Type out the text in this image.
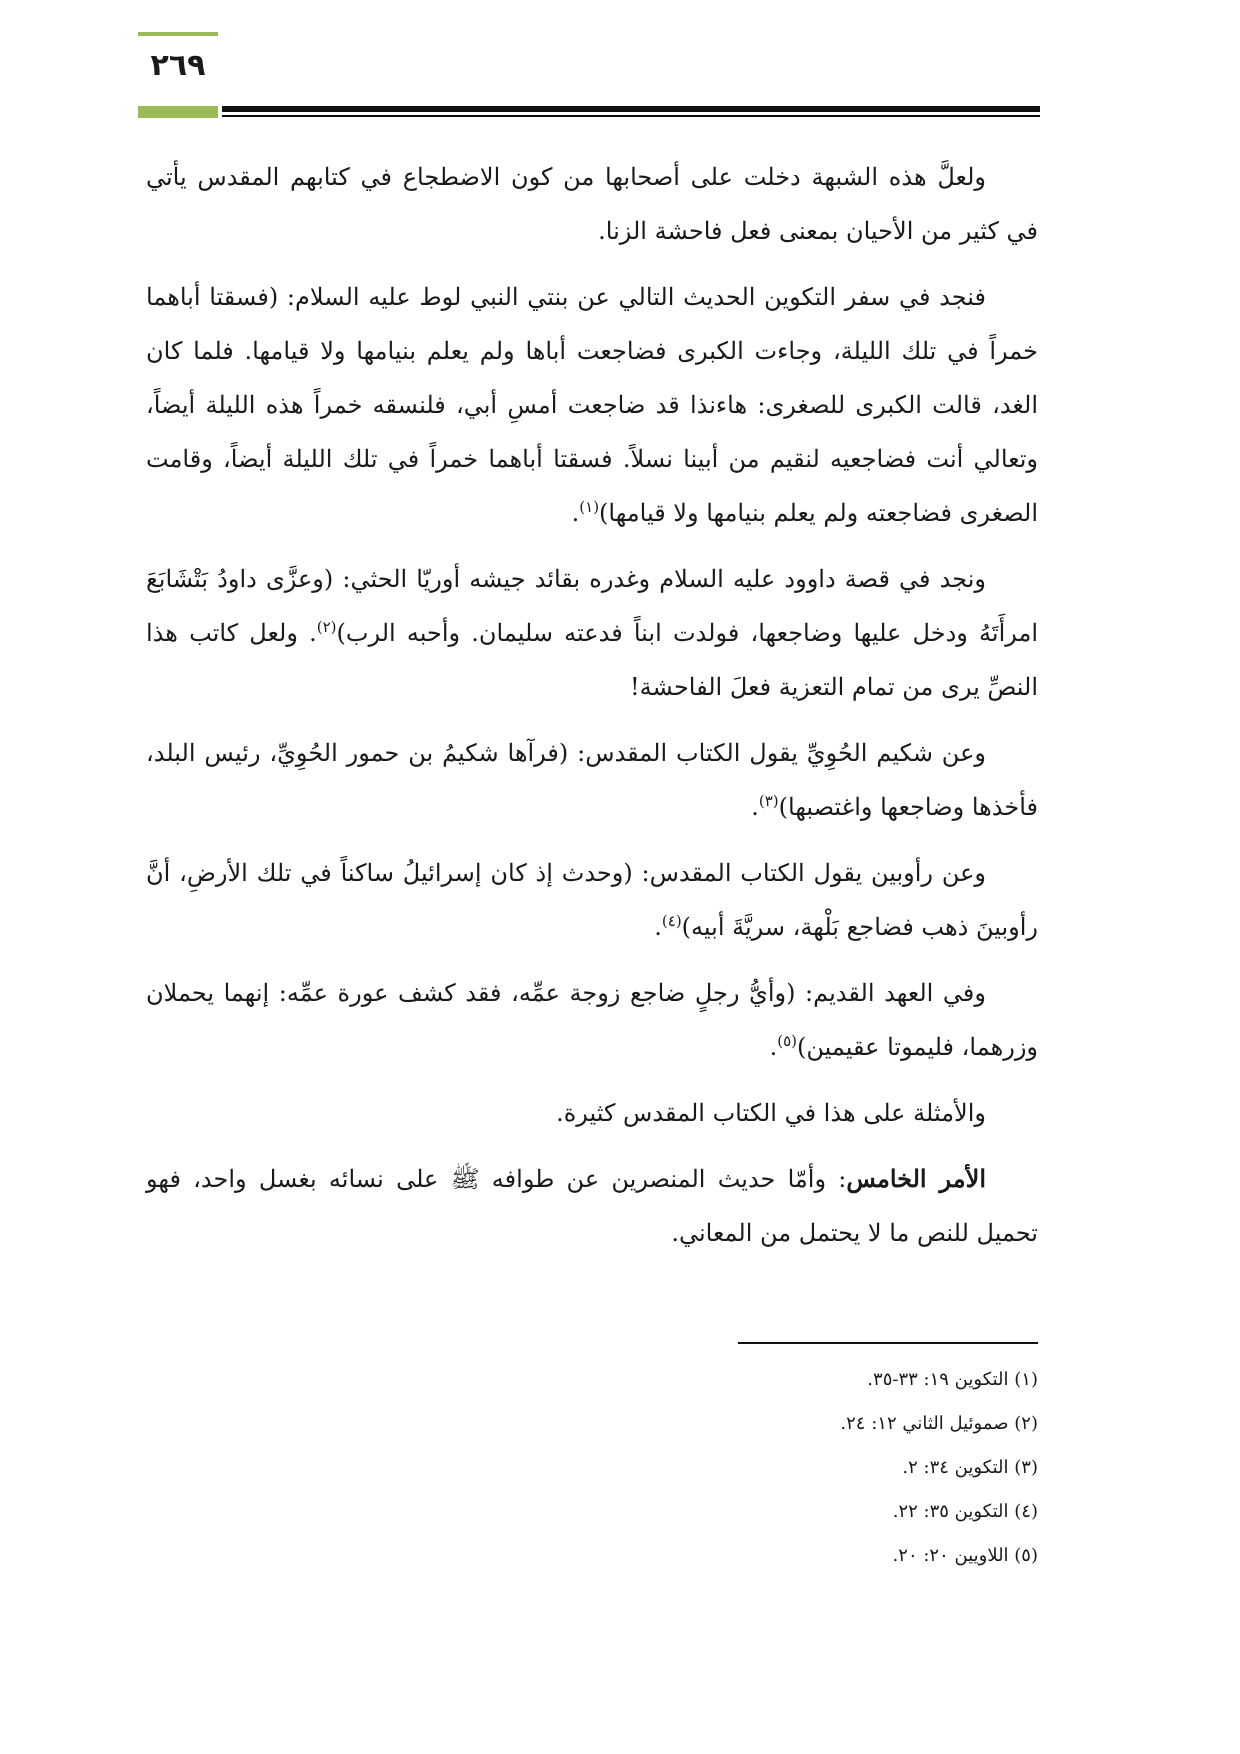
٢٦٩

ولعلَّ هذه الشبهة دخلت على أصحابها من كون الاضطجاع في كتابهم المقدس يأتي في كثير من الأحيان بمعنى فعل فاحشة الزنا.

فنجد في سفر التكوين الحديث التالي عن بنتي النبي لوط عليه السلام: (فسقتا أباهما خمراً في تلك الليلة، وجاءت الكبرى فضاجعت أباها ولم يعلم بنيامها ولا قيامها. فلما كان الغد، قالت الكبرى للصغرى: هاءنذا قد ضاجعت أمسِ أبي، فلنسقه خمراً هذه الليلة أيضاً، وتعالي أنت فضاجعيه لنقيم من أبينا نسلاً. فسقتا أباهما خمراً في تلك الليلة أيضاً، وقامت الصغرى فضاجعته ولم يعلم بنيامها ولا قيامها)$^{(١)}$.

ونجد في قصة داوود عليه السلام وغدره بقائد جيشه أوريّا الحثي: (وعزَّى داودُ بَتْشَابَعَ امرأَتَهُ ودخل عليها وضاجعها، فولدت ابناً فدعته سليمان. وأحبه الرب)$^{(٢)}$. ولعل كاتب هذا النصِّ يرى من تمام التعزية فعلَ الفاحشة!

وعن شكيم الحُوِيِّ يقول الكتاب المقدس: (فرآها شكيمُ بن حمور الحُوِيِّ، رئيس البلد، فأخذها وضاجعها واغتصبها)$^{(٣)}$.

وعن رأوبين يقول الكتاب المقدس: (وحدث إذ كان إسرائيلُ ساكناً في تلك الأرضِ، أنَّ رأوبينَ ذهب فضاجع بَلْهة، سريَّةَ أبيه)$^{(٤)}$.

وفي العهد القديم: (وأيُّ رجلٍ ضاجع زوجة عمِّه، فقد كشف عورة عمِّه: إنهما يحملان وزرهما، فليموتا عقيمين)$^{(٥)}$.

والأمثلة على هذا في الكتاب المقدس كثيرة.

الأمر الخامس: وأمّا حديث المنصرين عن طوافه ﷺ على نسائه بغسل واحد، فهو تحميل للنص ما لا يحتمل من المعاني.

(١) التكوين ١٩: ٣٣-٣٥.
(٢) صموئيل الثاني ١٢: ٢٤.
(٣) التكوين ٣٤: ٢.
(٤) التكوين ٣٥: ٢٢.
(٥) اللاويين ٢٠: ٢٠.
